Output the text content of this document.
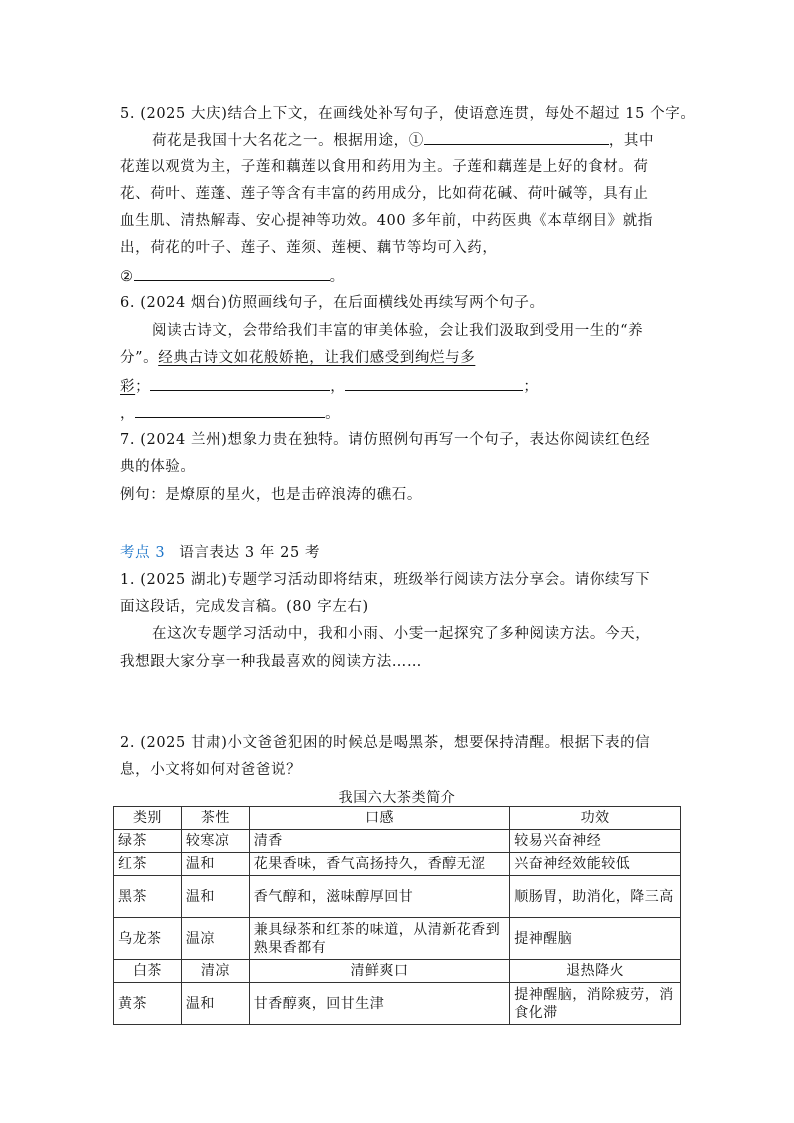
5. (2025 大庆)结合上下文，在画线处补写句子，使语意连贯，每处不超过 15 个字。
荷花是我国十大名花之一。根据用途，①	，其中
花莲以观赏为主，子莲和藕莲以食用和药用为主。子莲和藕莲是上好的食材。荷
花、荷叶、莲蓬、莲子等含有丰富的药用成分，比如荷花碱、荷叶碱等，具有止
血生肌、清热解毒、安心提神等功效。400 多年前，中药医典《本草纲目》就指
出，荷花的叶子、莲子、莲须、莲梗、藕节等均可入药，
②	。
6. (2024 烟台)仿照画线句子，在后面横线处再续写两个句子。
阅读古诗文，会带给我们丰富的审美体验，会让我们汲取到受用一生的“养
分”。经典古诗文如花般娇艳，让我们感受到绚烂与多
彩；	，	；
，	。
7. (2024 兰州)想象力贵在独特。请仿照例句再写一个句子，表达你阅读红色经
典的体验。
例句：是燎原的星火，也是击碎浪涛的礁石。
考点 3 语言表达 3 年 25 考
1. (2025 湖北)专题学习活动即将结束，班级举行阅读方法分享会。请你续写下
面这段话，完成发言稿。(80 字左右)
在这次专题学习活动中，我和小雨、小雯一起探究了多种阅读方法。今天，
我想跟大家分享一种我最喜欢的阅读方法……
2. (2025 甘肃)小文爸爸犯困的时候总是喝黑茶，想要保持清醒。根据下表的信
息，小文将如何对爸爸说？
我国六大茶类简介
类别	茶性	口感	功效
绿茶	较寒凉	清香	较易兴奋神经
红茶	温和	花果香味，香气高扬持久，香醇无涩	兴奋神经效能较低
黑茶	温和	香气醇和，滋味醇厚回甘	顺肠胃，助消化，降三高
乌龙茶	温凉	兼具绿茶和红茶的味道，从清新花香到熟果香都有	提神醒脑
白茶	清凉	清鲜爽口	退热降火
黄茶	温和	甘香醇爽，回甘生津	提神醒脑，消除疲劳，消食化滞
